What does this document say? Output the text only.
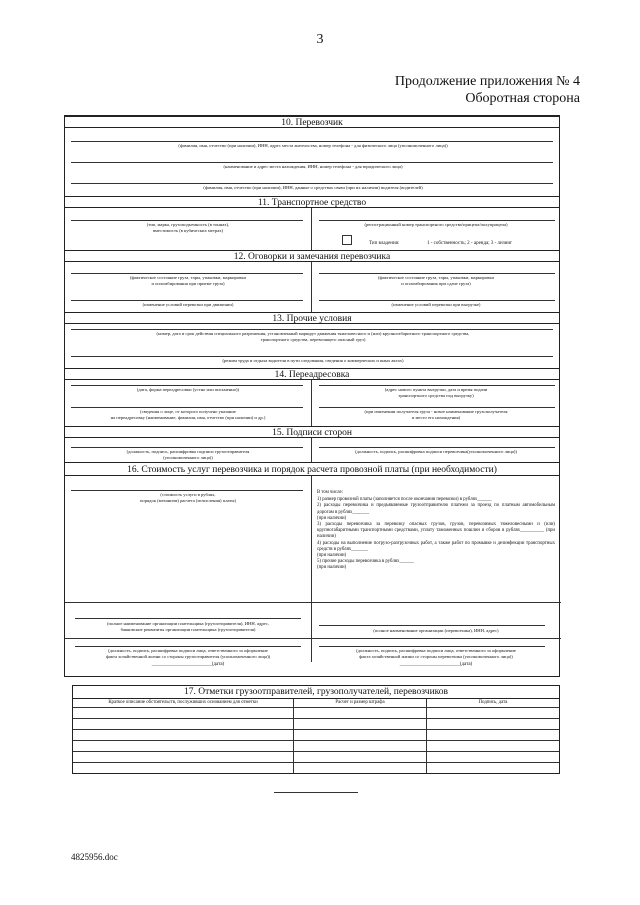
3
Продолжение приложения № 4
Оборотная сторона
10. Перевозчик
(фамилия, имя, отчество (при наличии), ИНН, адрес места жительства, номер телефона - для физического лица (уполномоченного лица))
(наименование и адрес места нахождения, ИНН, номер телефона - для юридического лица)
(фамилия, имя, отчество (при наличии), ИНН, данные о средствах связи (при их наличии) водителя (водителей)
11. Транспортное средство
(тип, марка, грузоподъемность (в тоннах),
вместимость (в кубических метрах)
(регистрационный номер транспортного средства/прицепа/полуприцепа)
Тип владения:	1 - собственность; 2 - аренда; 3 - лизинг
12. Оговорки и замечания перевозчика
(фактическое состояние груза, тары, упаковки, маркировки
и опломбирования при приеме груза)
(фактическое состояние груза, тары, упаковки, маркировки
и опломбирования при сдаче груза)
(изменение условий перевозки при движении)	(изменение условий перевозки при выгрузке)
13. Прочие условия
(номер, дата и срок действия специального разрешения, установленный маршрут движения тяжеловесного и (или) крупногабаритного транспортного средства,
транспортного средства, перевозящего опасный груз)
(режим труда и отдыха водителя в пути следования, сведения о коммерческих и иных актах)
14. Переадресовка
(дата, форма переадресовки (устно или письменно))	(адрес нового пункта выгрузки, дата и время подачи
транспортного средства под выгрузку)
(сведения о лице, от которого получено указание
на переадресовку (наименование, фамилия, имя, отчество (при наличии) и др.)
(при изменении получателя груза - новое наименование грузополучателя
и место его нахождения)
15. Подписи сторон
(должность, подпись, расшифровка подписи грузоотправителя
(уполномоченного лица))
(должность, подпись, расшифровка подписи перевозчика(уполномоченного лица))
16. Стоимость услуг перевозчика и порядок расчета провозной платы (при необходимости)
(стоимость услуги в рублях,
порядок (механизм) расчета (исчисления) платы)
В том числе:
1) размер провозной платы (заполняется после окончания перевозки) в рублях______
2) расходы перевозчика и предъявляемые грузоотправителю платежи за проезд по платным автомобильным дорогам в рублях_______
(при наличии)
3) расходы перевозчика за перевозку опасных грузов, грузов, перевозимых тяжеловесными и (или) крупногабаритными транспортными средствами, уплату таможенных пошлин и сборов в рублях__________ (при наличии)
4) расходы на выполнение погрузо-разгрузочных работ, а также работ по промывке и дезинфекции транспортных средств в рублях_______
(при наличии)
5) прочие расходы перевозчика в рублях______
(при наличии)
(полное наименование организации плательщика (грузоотправителя), ИНН, адрес,
банковские реквизиты организации плательщика (грузоотправителя)	(полное наименование организации (перевозчика), ИНН, адрес)
(должность, подпись, расшифровка подписи лица, ответственного за оформление
факта хозяйственной жизни со стороны грузоотправителя (уполномоченного лица))
________________________(дата)
(должность, подпись, расшифровка подписи лица, ответственного за оформление
факта хозяйственной жизни со стороны перевозчика (уполномоченного лица))
________________________(дата)
17. Отметки грузоотправителей, грузополучателей, перевозчиков
Краткое описание обстоятельств, послуживших основанием для отметки	Расчет и размер штрафа	Подпись, дата

4825956.doc
